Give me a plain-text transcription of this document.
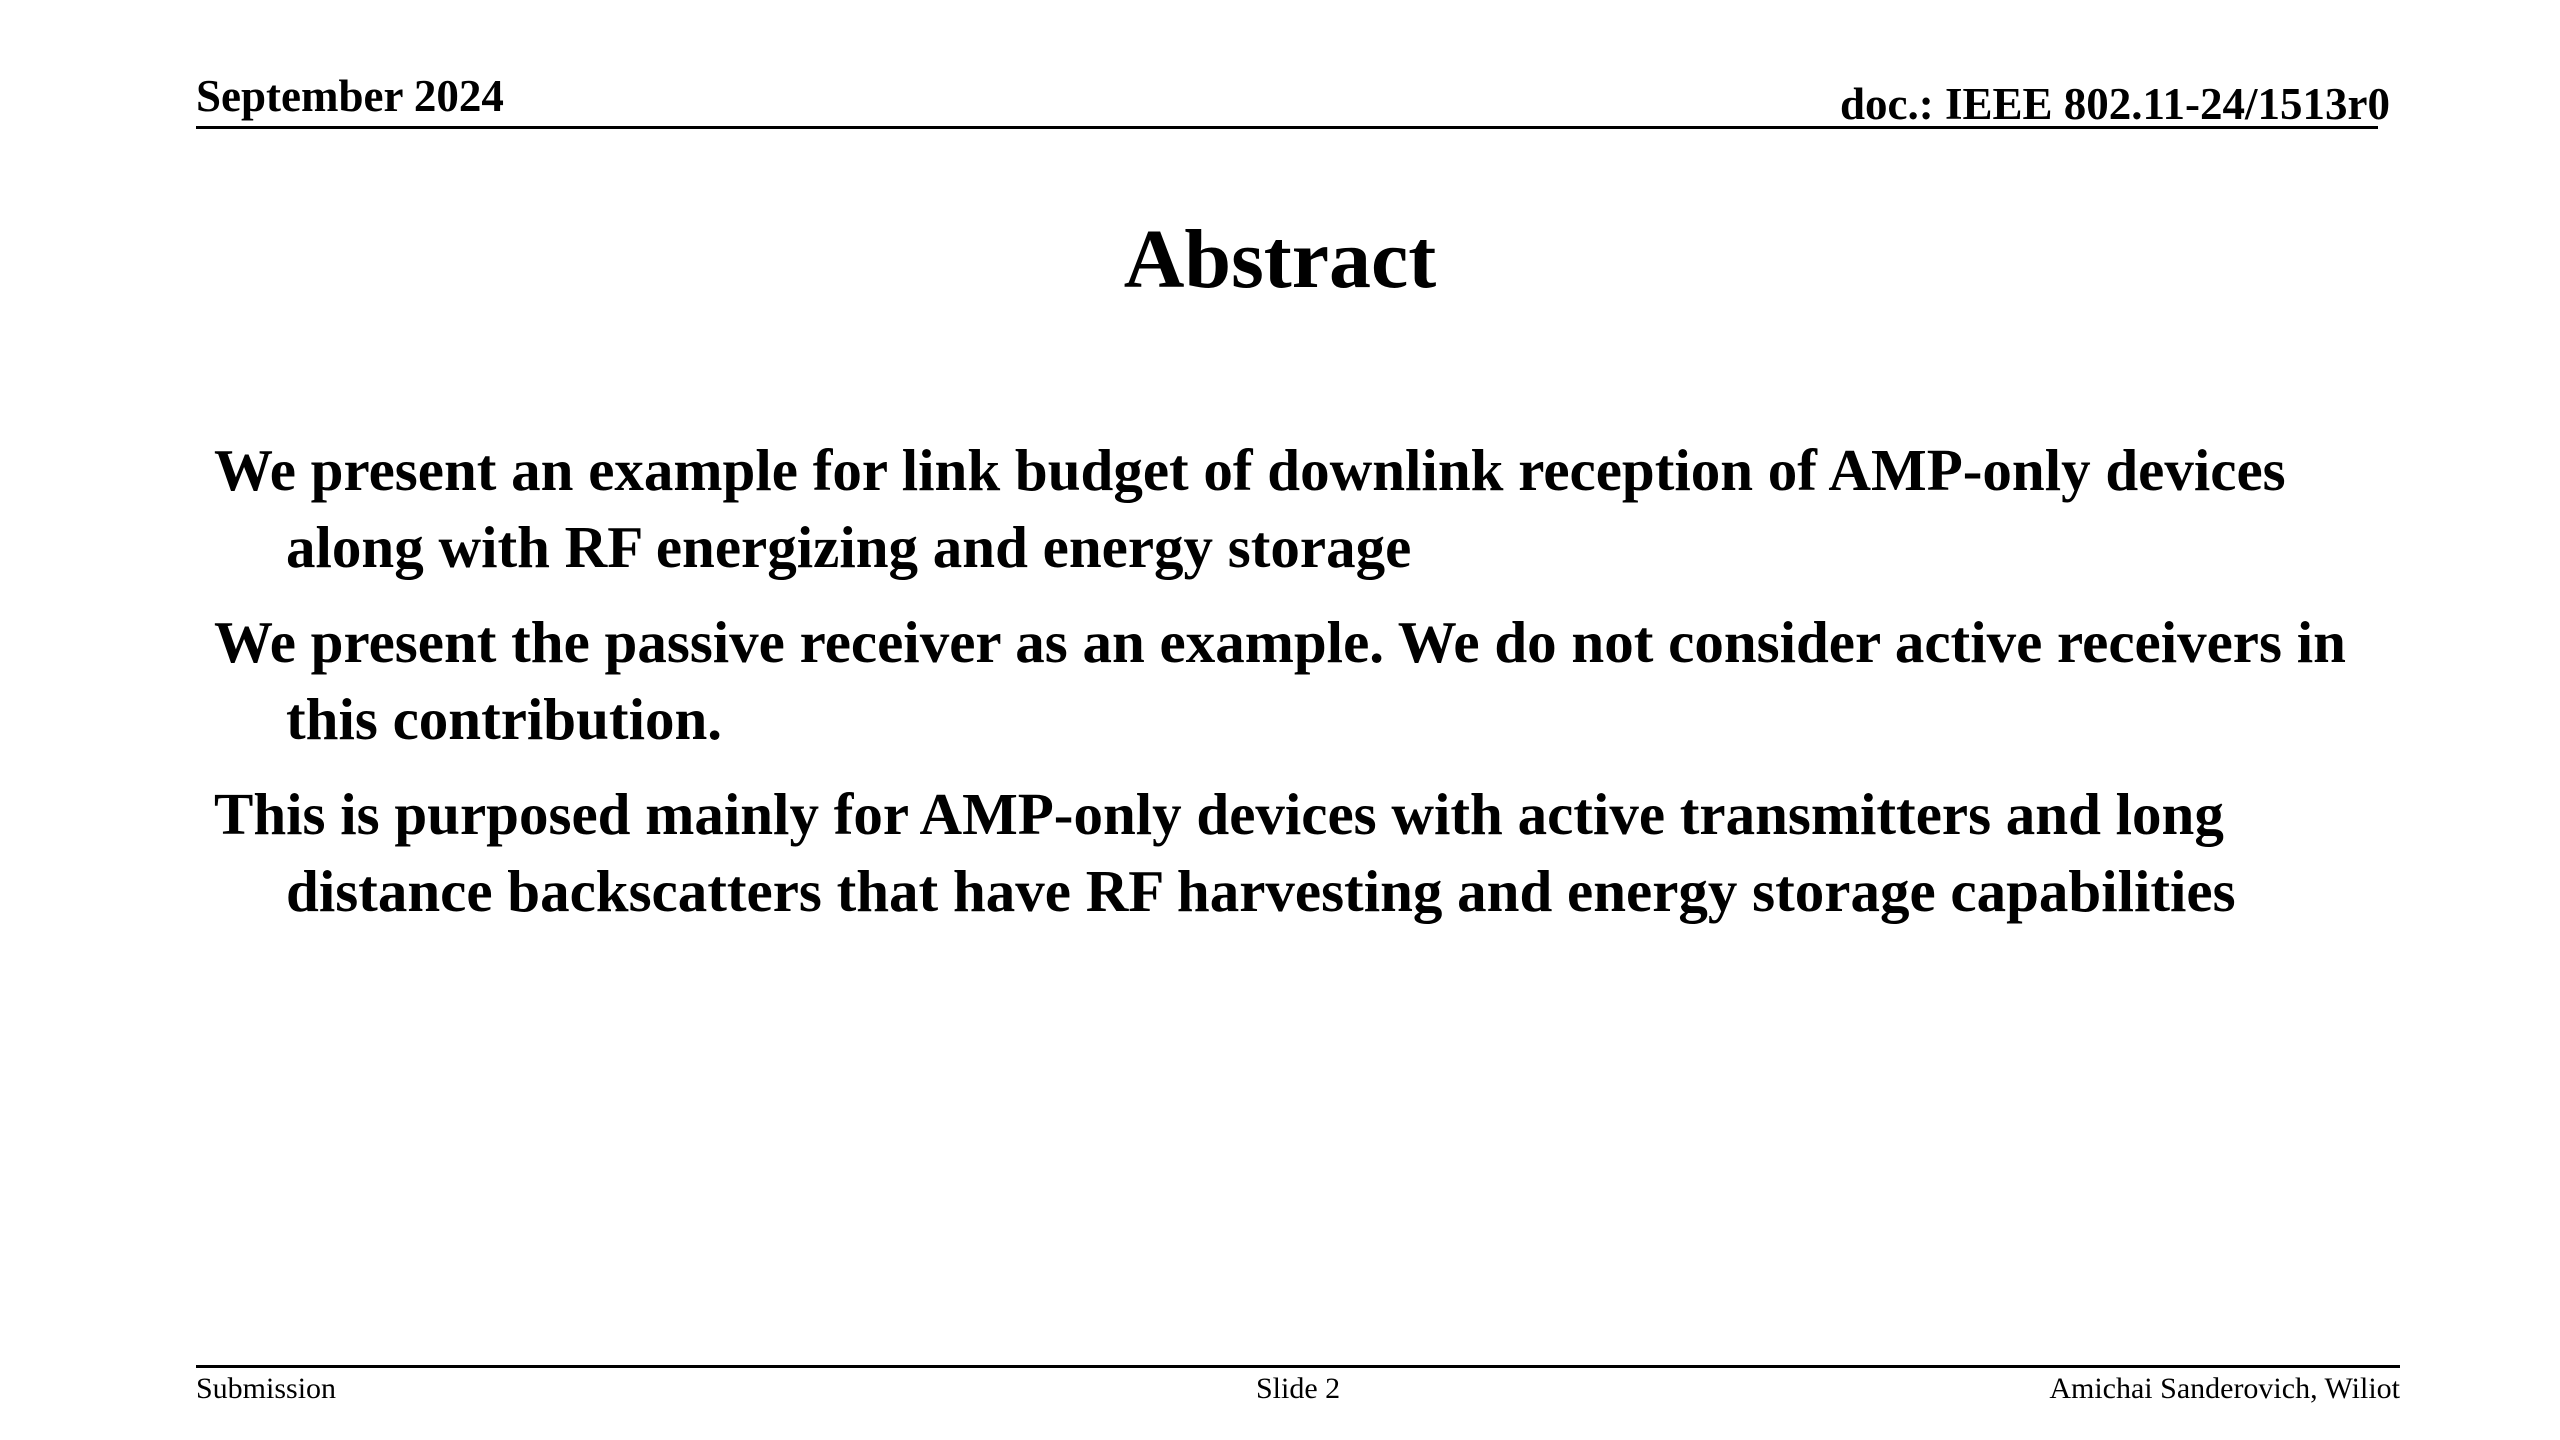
September 2024	doc.: IEEE 802.11-24/1513r0
Abstract
We present an example for link budget of downlink reception of AMP-only devices along with RF energizing and energy storage
We present the passive receiver as an example. We do not consider active receivers in this contribution.
This is purposed mainly for AMP-only devices with active transmitters and long distance backscatters that have RF harvesting and energy storage capabilities
Submission	Slide 2	Amichai Sanderovich, Wiliot
